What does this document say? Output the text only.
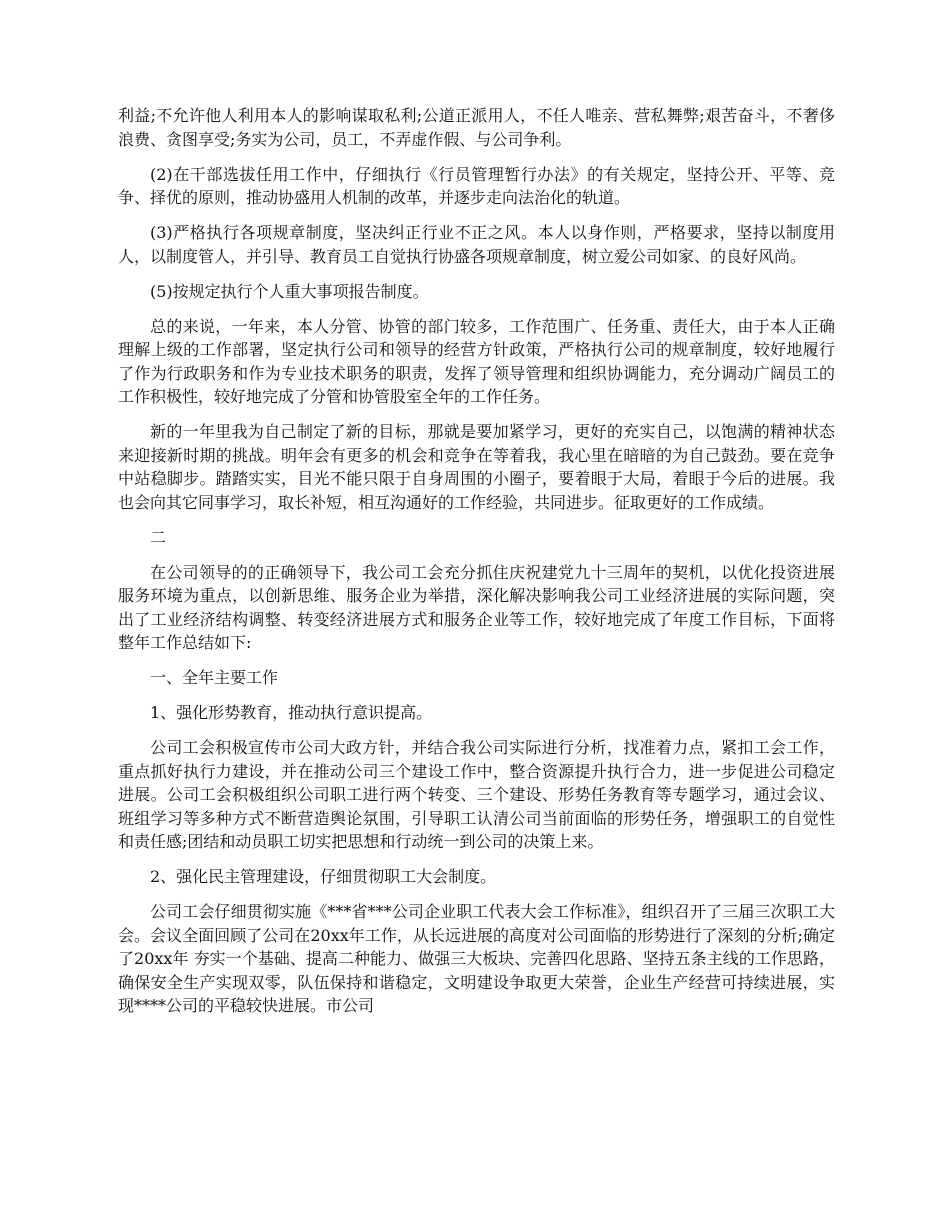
利益;不允许他人利用本人的影响谋取私利;公道正派用人，不任人唯亲、营私舞弊;艰苦奋斗，不奢侈浪费、贪图享受;务实为公司，员工，不弄虚作假、与公司争利。

(2)在干部选拔任用工作中，仔细执行《行员管理暂行办法》的有关规定，坚持公开、平等、竞争、择优的原则，推动协盛用人机制的改革，并逐步走向法治化的轨道。

(3)严格执行各项规章制度，坚决纠正行业不正之风。本人以身作则，严格要求，坚持以制度用人，以制度管人，并引导、教育员工自觉执行协盛各项规章制度，树立爱公司如家、的良好风尚。

(5)按规定执行个人重大事项报告制度。

总的来说，一年来，本人分管、协管的部门较多，工作范围广、任务重、责任大，由于本人正确理解上级的工作部署，坚定执行公司和领导的经营方针政策，严格执行公司的规章制度，较好地履行了作为行政职务和作为专业技术职务的职责，发挥了领导管理和组织协调能力，充分调动广阔员工的工作积极性，较好地完成了分管和协管股室全年的工作任务。

新的一年里我为自己制定了新的目标，那就是要加紧学习，更好的充实自己，以饱满的精神状态来迎接新时期的挑战。明年会有更多的机会和竞争在等着我，我心里在暗暗的为自己鼓劲。要在竞争中站稳脚步。踏踏实实，目光不能只限于自身周围的小圈子，要着眼于大局，着眼于今后的进展。我也会向其它同事学习，取长补短，相互沟通好的工作经验，共同进步。征取更好的工作成绩。

二

在公司领导的的正确领导下，我公司工会充分抓住庆祝建党九十三周年的契机，以优化投资进展服务环境为重点，以创新思维、服务企业为举措，深化解决影响我公司工业经济进展的实际问题，突出了工业经济结构调整、转变经济进展方式和服务企业等工作，较好地完成了年度工作目标，下面将整年工作总结如下:

一、全年主要工作

1、强化形势教育，推动执行意识提高。

公司工会积极宣传市公司大政方针，并结合我公司实际进行分析，找准着力点，紧扣工会工作，重点抓好执行力建设，并在推动公司三个建设工作中，整合资源提升执行合力，进一步促进公司稳定进展。公司工会积极组织公司职工进行两个转变、三个建设、形势任务教育等专题学习，通过会议、班组学习等多种方式不断营造舆论氛围，引导职工认清公司当前面临的形势任务，增强职工的自觉性和责任感;团结和动员职工切实把思想和行动统一到公司的决策上来。

2、强化民主管理建设，仔细贯彻职工大会制度。

公司工会仔细贯彻实施《***省***公司企业职工代表大会工作标准》，组织召开了三届三次职工大会。会议全面回顾了公司在20xx年工作，从长远进展的高度对公司面临的形势进行了深刻的分析;确定了20xx年 夯实一个基础、提高二种能力、做强三大板块、完善四化思路、坚持五条主线的工作思路，确保安全生产实现双零，队伍保持和谐稳定，文明建设争取更大荣誉，企业生产经营可持续进展，实现****公司的平稳较快进展。市公司
